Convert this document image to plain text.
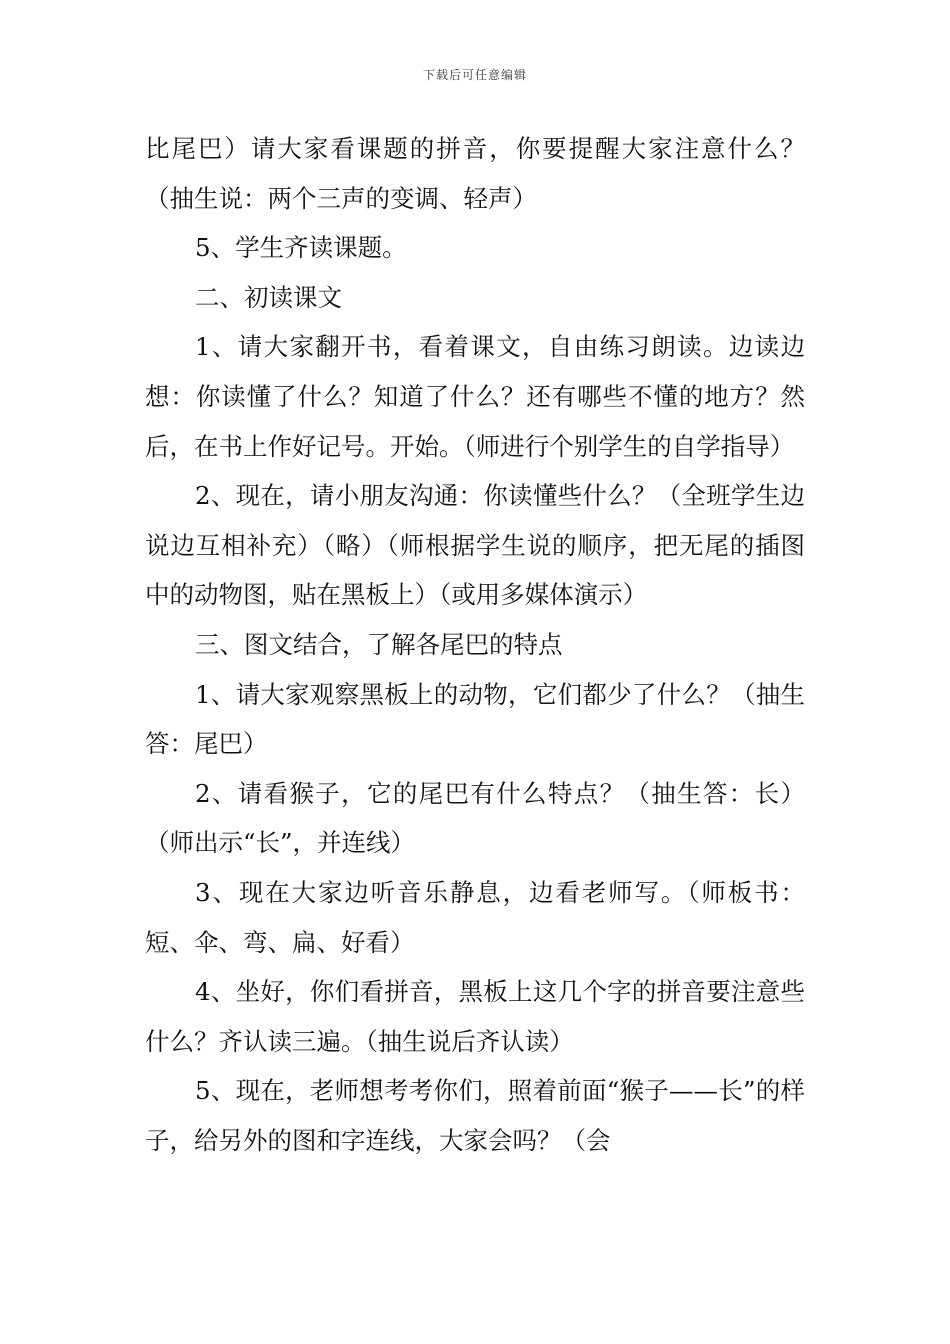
下载后可任意编辑

比尾巴）请大家看课题的拼音，你要提醒大家注意什么？（抽生说：两个三声的变调、轻声）

5、学生齐读课题。

二、初读课文

1、请大家翻开书，看着课文，自由练习朗读。边读边想：你读懂了什么？知道了什么？还有哪些不懂的地方？然后，在书上作好记号。开始。（师进行个别学生的自学指导）

2、现在，请小朋友沟通：你读懂些什么？（全班学生边说边互相补充）（略）（师根据学生说的顺序，把无尾的插图中的动物图，贴在黑板上）（或用多媒体演示）

三、图文结合，了解各尾巴的特点

1、请大家观察黑板上的动物，它们都少了什么？（抽生答：尾巴）

2、请看猴子，它的尾巴有什么特点？（抽生答：长）（师出示“长”，并连线）

3、现在大家边听音乐静息，边看老师写。（师板书：短、伞、弯、扁、好看）

4、坐好，你们看拼音，黑板上这几个字的拼音要注意些什么？齐认读三遍。（抽生说后齐认读）

5、现在，老师想考考你们，照着前面“猴子——长”的样子，给另外的图和字连线，大家会吗？（会
